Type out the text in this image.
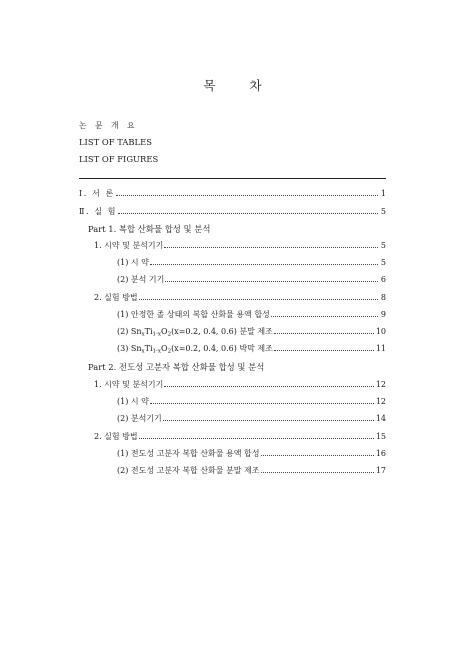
목	차
논 문 개 요
LIST OF TABLES
LIST OF FIGURES
Ⅰ. 서 론	1
Ⅱ. 실 험	5
Part 1. 복합 산화물 합성 및 분석
1. 시약 및 분석기기	5
(1) 시 약	5
(2) 분석 기기	6
2. 실험 방법	8
(1) 안정한 졸 상태의 복합 산화물 용액 합성	9
(2) $Sn_xTi_{1-x}O_2(x=0.2$, 0.4, 0.6) 분말 제조	10
(3) $Sn_xTi_{1-x}O_2(x=0.2$, 0.4, 0.6) 박막 제조	11
Part 2. 전도성 고분자 복합 산화물 합성 및 분석
1. 시약 및 분석기기	12
(1) 시 약	12
(2) 분석기기	14
2. 실험 방법	15
(1) 전도성 고분자 복합 산화물 용액 합성	16
(2) 전도성 고분자 복합 산화물 분말 제조	17
